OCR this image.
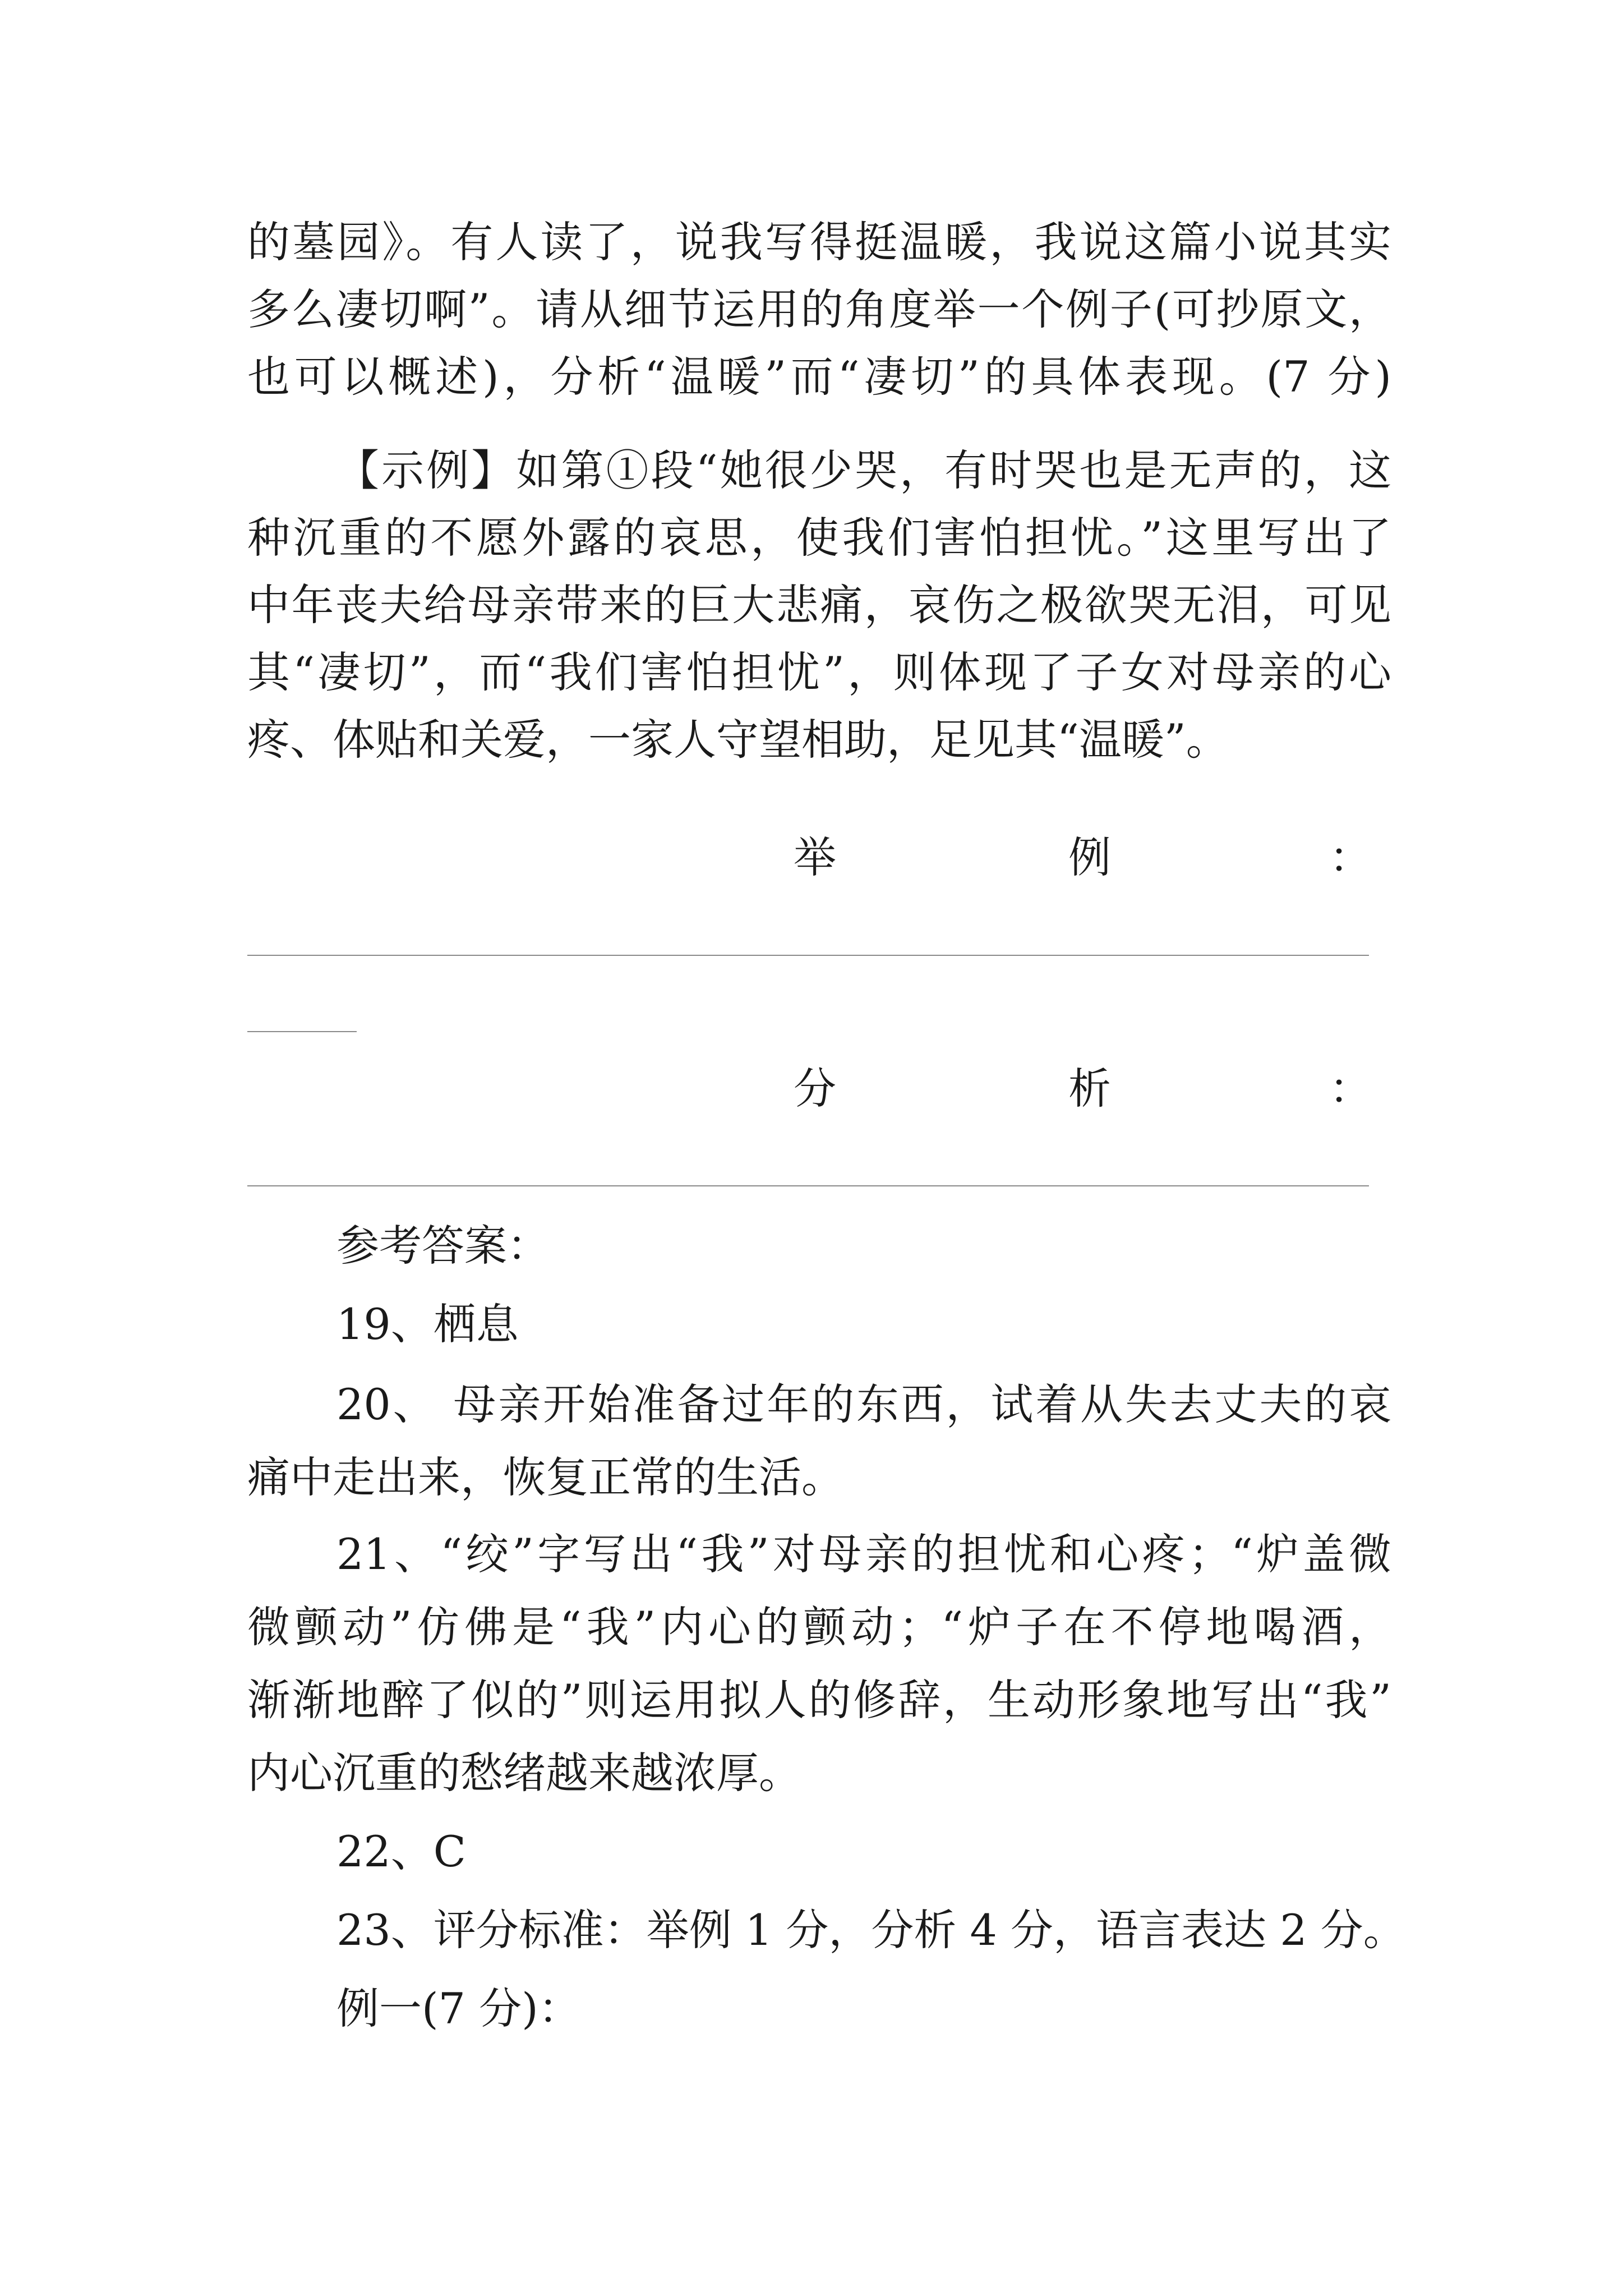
的墓园》。有人读了，说我写得挺温暖，我说这篇小说其实
多么凄切啊”。请从细节运用的角度举一个例子(可抄原文，
也可以概述)，分析“温暖”而“凄切”的具体表现。(7 分)
【示例】如第①段“她很少哭，有时哭也是无声的，这
种沉重的不愿外露的哀思，使我们害怕担忧。”这里写出了
中年丧夫给母亲带来的巨大悲痛，哀伤之极欲哭无泪，可见
其“凄切”，而“我们害怕担忧”，则体现了子女对母亲的心
疼、体贴和关爱，一家人守望相助，足见其“温暖”。
举	例	：
分	析	：
参考答案：
19、栖息
20、 母亲开始准备过年的东西，试着从失去丈夫的哀
痛中走出来，恢复正常的生活。
21、“绞”字写出“我”对母亲的担忧和心疼；“炉盖微
微颤动”仿佛是“我”内心的颤动；“炉子在不停地喝酒，
渐渐地醉了似的”则运用拟人的修辞，生动形象地写出“我”
内心沉重的愁绪越来越浓厚。
22、C
23、评分标准：举例 1 分，分析 4 分，语言表达 2 分。
例一(7 分)：
